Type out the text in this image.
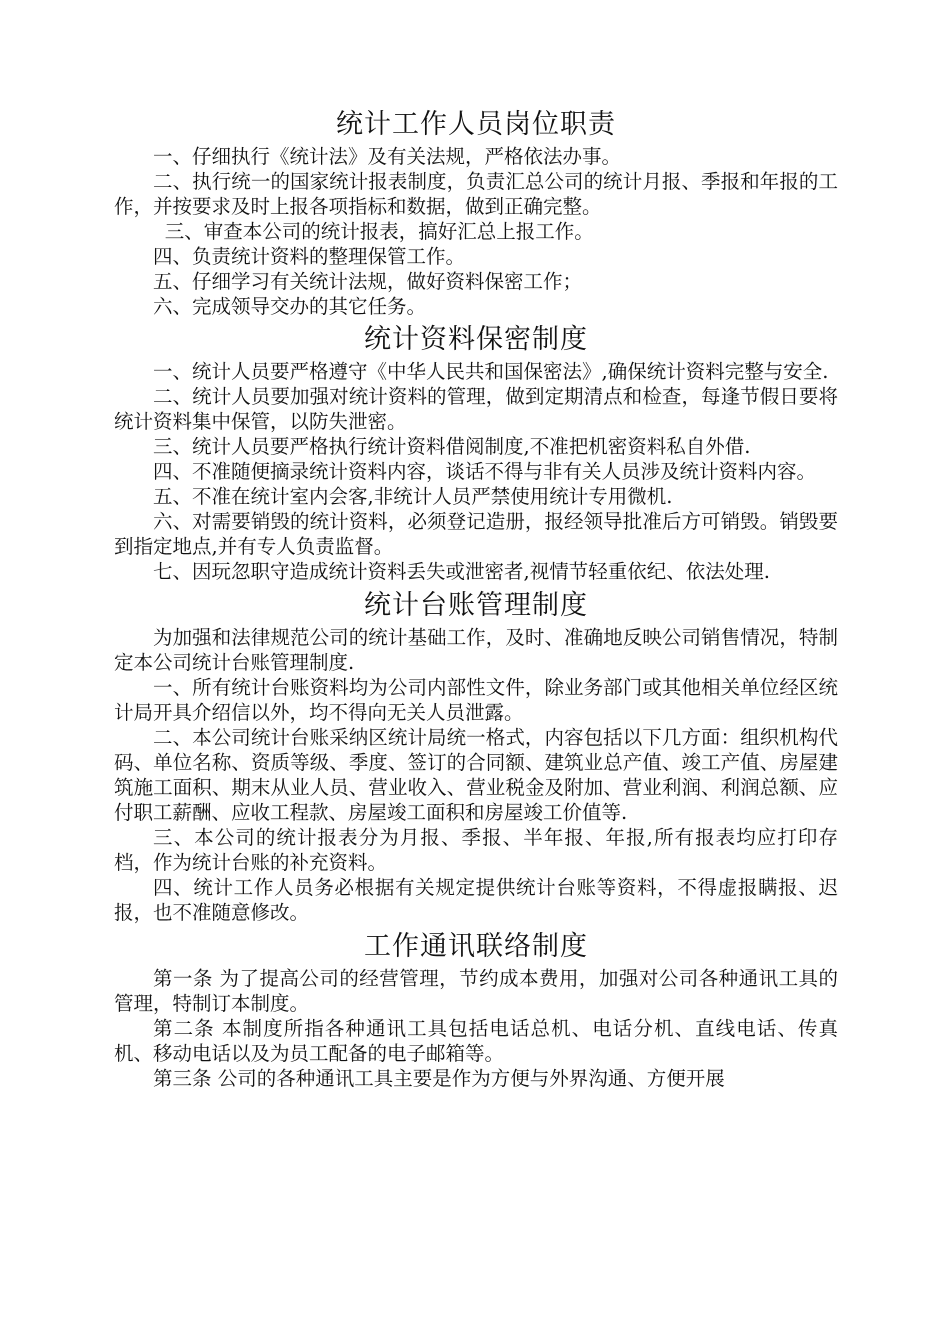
统计工作人员岗位职责

一、仔细执行《统计法》及有关法规，严格依法办事。

二、执行统一的国家统计报表制度，负责汇总公司的统计月报、季报和年报的工作，并按要求及时上报各项指标和数据，做到正确完整。

三、审查本公司的统计报表，搞好汇总上报工作。

四、负责统计资料的整理保管工作。

五、仔细学习有关统计法规，做好资料保密工作；

六、完成领导交办的其它任务。

统计资料保密制度

一、统计人员要严格遵守《中华人民共和国保密法》,确保统计资料完整与安全.

二、统计人员要加强对统计资料的管理，做到定期清点和检查，每逢节假日要将统计资料集中保管，以防失泄密。

三、统计人员要严格执行统计资料借阅制度,不准把机密资料私自外借.

四、不准随便摘录统计资料内容，谈话不得与非有关人员涉及统计资料内容。

五、不准在统计室内会客,非统计人员严禁使用统计专用微机.

六、对需要销毁的统计资料，必须登记造册，报经领导批准后方可销毁。销毁要到指定地点,并有专人负责监督。

七、因玩忽职守造成统计资料丢失或泄密者,视情节轻重依纪、依法处理.

统计台账管理制度

为加强和法律规范公司的统计基础工作，及时、准确地反映公司销售情况，特制定本公司统计台账管理制度.

一、所有统计台账资料均为公司内部性文件，除业务部门或其他相关单位经区统计局开具介绍信以外，均不得向无关人员泄露。

二、本公司统计台账采纳区统计局统一格式，内容包括以下几方面：组织机构代码、单位名称、资质等级、季度、签订的合同额、建筑业总产值、竣工产值、房屋建筑施工面积、期末从业人员、营业收入、营业税金及附加、营业利润、利润总额、应付职工薪酬、应收工程款、房屋竣工面积和房屋竣工价值等.

三、本公司的统计报表分为月报、季报、半年报、年报,所有报表均应打印存档，作为统计台账的补充资料。

四、统计工作人员务必根据有关规定提供统计台账等资料，不得虚报瞒报、迟报，也不准随意修改。

工作通讯联络制度

第一条 为了提高公司的经营管理，节约成本费用，加强对公司各种通讯工具的管理，特制订本制度。

第二条 本制度所指各种通讯工具包括电话总机、电话分机、直线电话、传真机、移动电话以及为员工配备的电子邮箱等。

第三条 公司的各种通讯工具主要是作为方便与外界沟通、方便开展
